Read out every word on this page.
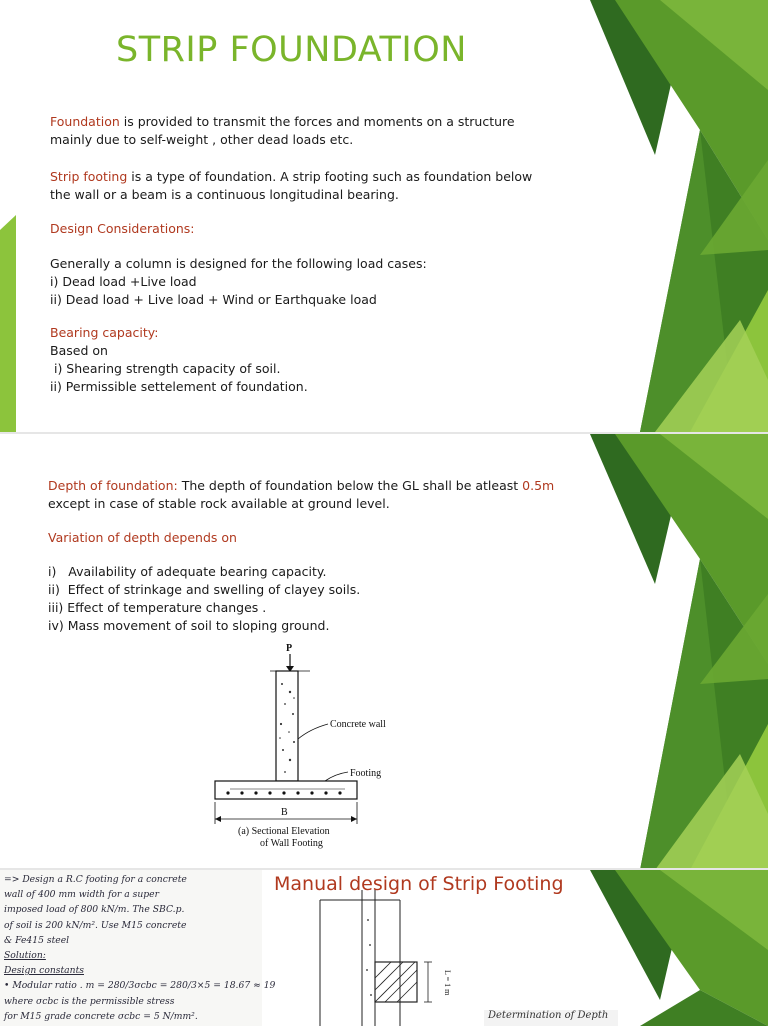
STRIP FOUNDATION
Foundation is provided to transmit the forces and moments on a structure
mainly due to self-weight , other dead loads etc.
Strip footing is a type of foundation. A strip footing such as foundation below
the wall or a beam is a continuous longitudinal bearing.
Design Considerations:
Generally a column is designed for the following load cases:
i) Dead load +Live load
ii) Dead load + Live load + Wind or Earthquake load
Bearing capacity:
Based on
i) Shearing strength capacity of soil.
ii) Permissible settelement of foundation.
Depth of foundation: The depth of foundation below the GL shall be atleast 0.5m
except in case of stable rock available at ground level.
Variation of depth depends on
i)   Availability of adequate bearing capacity.
ii)  Effect of strinkage and swelling of clayey soils.
iii) Effect of temperature changes .
iv) Mass movement of soil to sloping ground.
P
Concrete wall
Footing
B
(a) Sectional Elevation
of Wall Footing
=> Design a R.C footing for a concrete
wall of 400 mm width for a super
imposed load of 800 kN/m. The SBC.p.
of soil is 200 kN/m². Use M15 concrete
& Fe415 steel
Solution:
Design constants
• Modular ratio . m = 280/3σcbc = 280/3×5 = 18.67 ≈ 19
where σcbc is the permissible stress
for M15 grade concrete σcbc = 5 N/mm².
L = 1 m
Manual design of Strip Footing
Determination of Depth
